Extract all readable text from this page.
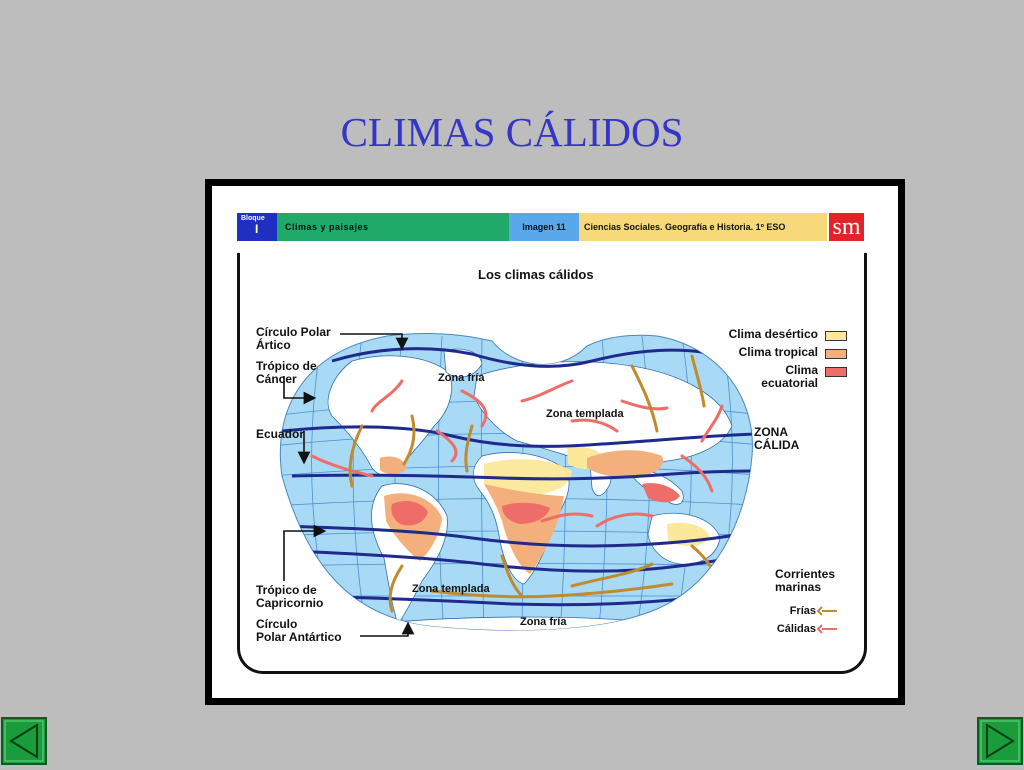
CLIMAS CÁLIDOS
Bloque
I	Climas y paisajes	Imagen 11	Ciencias Sociales. Geografía e Historia. 1º ESO	sm
Los climas cálidos
Círculo Polar
Ártico
Trópico de
Cáncer
Ecuador
Trópico de
Capricornio
Círculo
Polar Antártico
Zona fría
Zona templada
Zona templada
Zona fría
ZONA
CÁLIDA
Clima desértico
Clima tropical
Clima
ecuatorial
Corrientes
marinas
Frías
Cálidas
